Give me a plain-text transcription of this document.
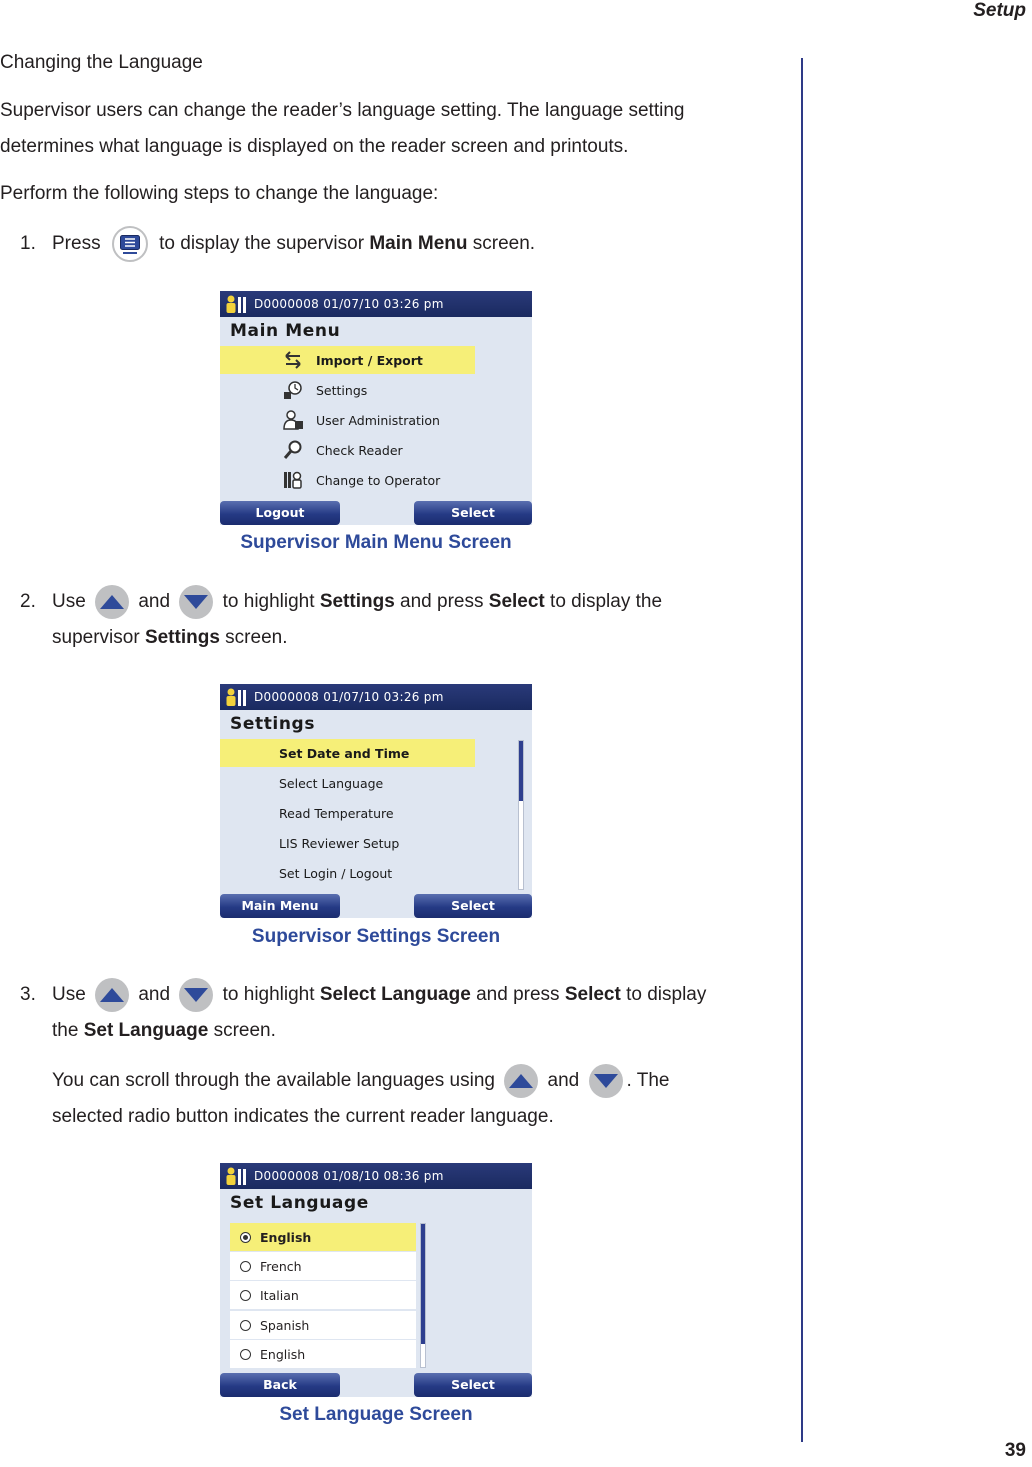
Setup
39
Changing the Language
Supervisor users can change the reader’s language setting. The language setting
determines what language is displayed on the reader screen and printouts.
Perform the following steps to change the language:
1. Press	to display the supervisor Main Menu screen.
D0000008 01/07/10 03:26 pm
Main Menu
Import / Export
Settings
User Administration
Check Reader
Change to Operator
Logout	Select
Supervisor Main Menu Screen
2. Use	and	to highlight Settings and press Select to display the
supervisor Settings screen.
D0000008 01/07/10 03:26 pm
Settings
Set Date and Time
Select Language
Read Temperature
LIS Reviewer Setup
Set Login / Logout
Main Menu	Select
Supervisor Settings Screen
3. Use	and	to highlight Select Language and press Select to display
the Set Language screen.
You can scroll through the available languages using	and . The
selected radio button indicates the current reader language.
D0000008 01/08/10 08:36 pm
Set Language
English
French
Italian
Spanish
English
Back	Select
Set Language Screen
